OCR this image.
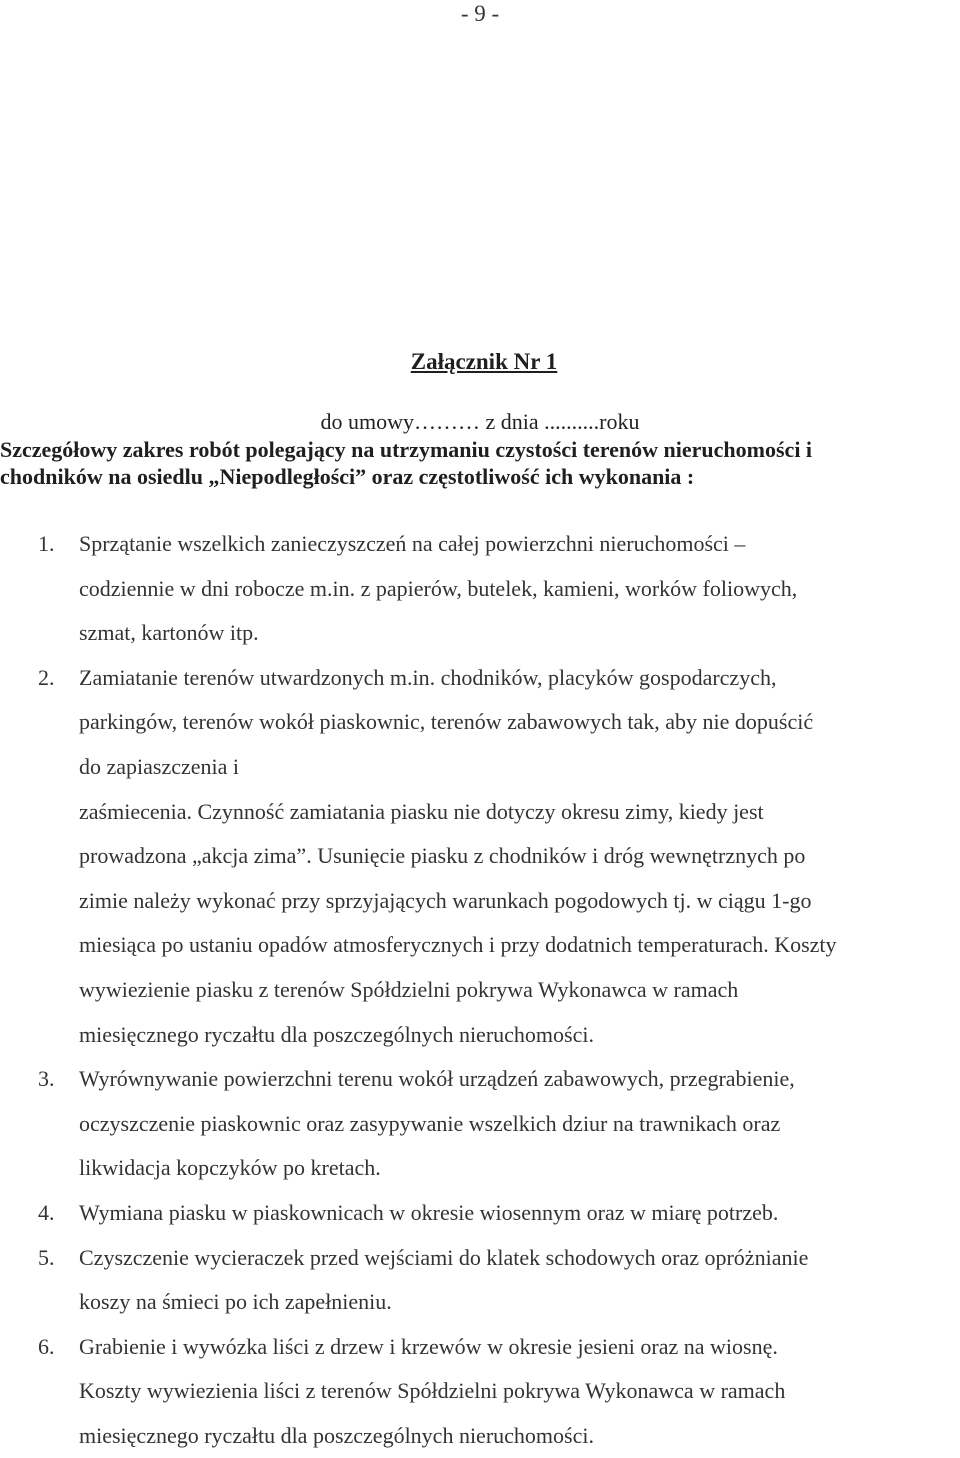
- 9 -
Załącznik Nr 1
do umowy……… z dnia ..........roku
Szczegółowy zakres robót polegający na utrzymaniu czystości terenów nieruchomości i
chodników na osiedlu „Niepodległości” oraz częstotliwość ich wykonania :
1. Sprzątanie wszelkich zanieczyszczeń na całej powierzchni nieruchomości –
codziennie w dni robocze m.in. z papierów, butelek, kamieni, worków foliowych,
szmat, kartonów itp.
2. Zamiatanie terenów utwardzonych m.in. chodników, placyków gospodarczych,
parkingów, terenów wokół piaskownic, terenów zabawowych tak, aby nie dopuścić
do zapiaszczenia i
zaśmiecenia. Czynność zamiatania piasku nie dotyczy okresu zimy, kiedy jest
prowadzona „akcja zima”. Usunięcie piasku z chodników i dróg wewnętrznych po
zimie należy wykonać przy sprzyjających warunkach pogodowych tj. w ciągu 1-go
miesiąca po ustaniu opadów atmosferycznych i przy dodatnich temperaturach. Koszty
wywiezienie piasku z terenów Spółdzielni pokrywa Wykonawca w ramach
miesięcznego ryczałtu dla poszczególnych nieruchomości.
3. Wyrównywanie powierzchni terenu wokół urządzeń zabawowych, przegrabienie,
oczyszczenie piaskownic oraz zasypywanie wszelkich dziur na trawnikach oraz
likwidacja kopczyków po kretach.
4. Wymiana piasku w piaskownicach w okresie wiosennym oraz w miarę potrzeb.
5. Czyszczenie wycieraczek przed wejściami do klatek schodowych oraz opróżnianie
koszy na śmieci po ich zapełnieniu.
6. Grabienie i wywózka liści z drzew i krzewów w okresie jesieni oraz na wiosnę.
Koszty wywiezienia liści z terenów Spółdzielni pokrywa Wykonawca w ramach
miesięcznego ryczałtu dla poszczególnych nieruchomości.
